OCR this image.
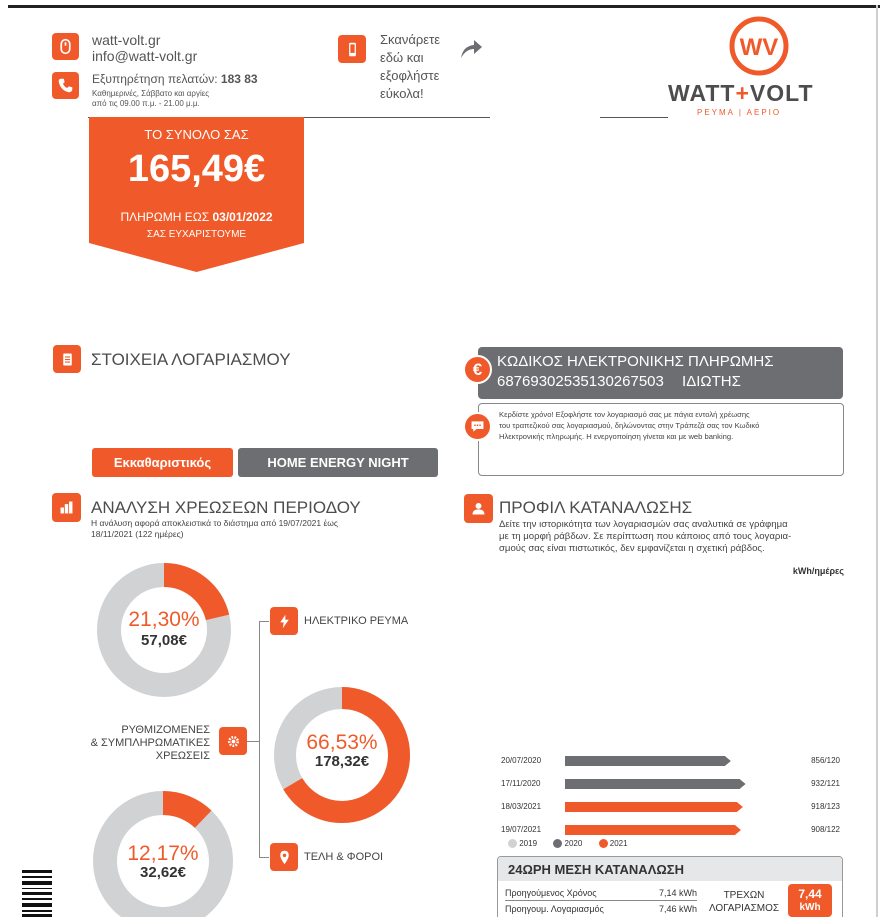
watt-volt.gr
info@watt-volt.gr
Εξυπηρέτηση πελατών: 183 83
Καθημερινές, Σάββατο και αργίες
από τις 09.00 π.μ. - 21.00 μ.μ.
Σκανάρετε
εδώ και
εξοφλήστε
εύκολα!
WV
WATT+VOLT
ΡΕΥΜΑ | ΑΕΡΙΟ
ΤΟ ΣΥΝΟΛΟ ΣΑΣ
165,49€
ΠΛΗΡΩΜΗ ΕΩΣ 03/01/2022
ΣΑΣ ΕΥΧΑΡΙΣΤΟΥΜΕ
ΣΤΟΙΧΕΙΑ ΛΟΓΑΡΙΑΣΜΟΥ
Εκκαθαριστικός	HOME ENERGY NIGHT
ΚΩΔΙΚΟΣ ΗΛΕΚΤΡΟΝΙΚΗΣ ΠΛΗΡΩΜΗΣ
68769302535130267503 ΙΔΙΩΤΗΣ
€
Κερδίστε χρόνο! Εξοφλήστε τον λογαριασμό σας με πάγια εντολή χρέωσης
του τραπεζικού σας λογαριασμού, δηλώνοντας στην Τράπεζά σας τον Κωδικό
Ηλεκτρονικής πληρωμής. Η ενεργοποίηση γίνεται και με web banking.
ΑΝΑΛΥΣΗ ΧΡΕΩΣΕΩΝ ΠΕΡΙΟΔΟΥ
Η ανάλυση αφορά αποκλειστικά το διάστημα από 19/07/2021 έως
18/11/2021 (122 ημέρες)
21,30%
57,08€
66,53%
178,32€
12,17%
32,62€
ΗΛΕΚΤΡΙΚΟ ΡΕΥΜΑ
ΡΥΘΜΙΖΟΜΕΝΕΣ
& ΣΥΜΠΛΗΡΩΜΑΤΙΚΕΣ
ΧΡΕΩΣΕΙΣ
ΤΕΛΗ & ΦΟΡΟΙ
ΠΡΟΦΙΛ ΚΑΤΑΝΑΛΩΣΗΣ
Δείτε την ιστορικότητα των λογαριασμών σας αναλυτικά σε γράφημα
με τη μορφή ράβδων. Σε περίπτωση που κάποιος από τους λογαρια-
σμούς σας είναι πιστωτικός, δεν εμφανίζεται η σχετική ράβδος.
kWh/ημέρες
20/07/2020	856/120
17/11/2020	932/121
18/03/2021	918/123
19/07/2021	908/122
2019	2020	2021
24ΩΡΗ ΜΕΣΗ ΚΑΤΑΝΑΛΩΣΗ
Προηγούμενος Χρόνος	7,14 kWh
Προηγουμ. Λογαριασμός	7,46 kWh
ΤΡΕΧΩΝ
ΛΟΓΑΡΙΑΣΜΟΣ
7,44
kWh
